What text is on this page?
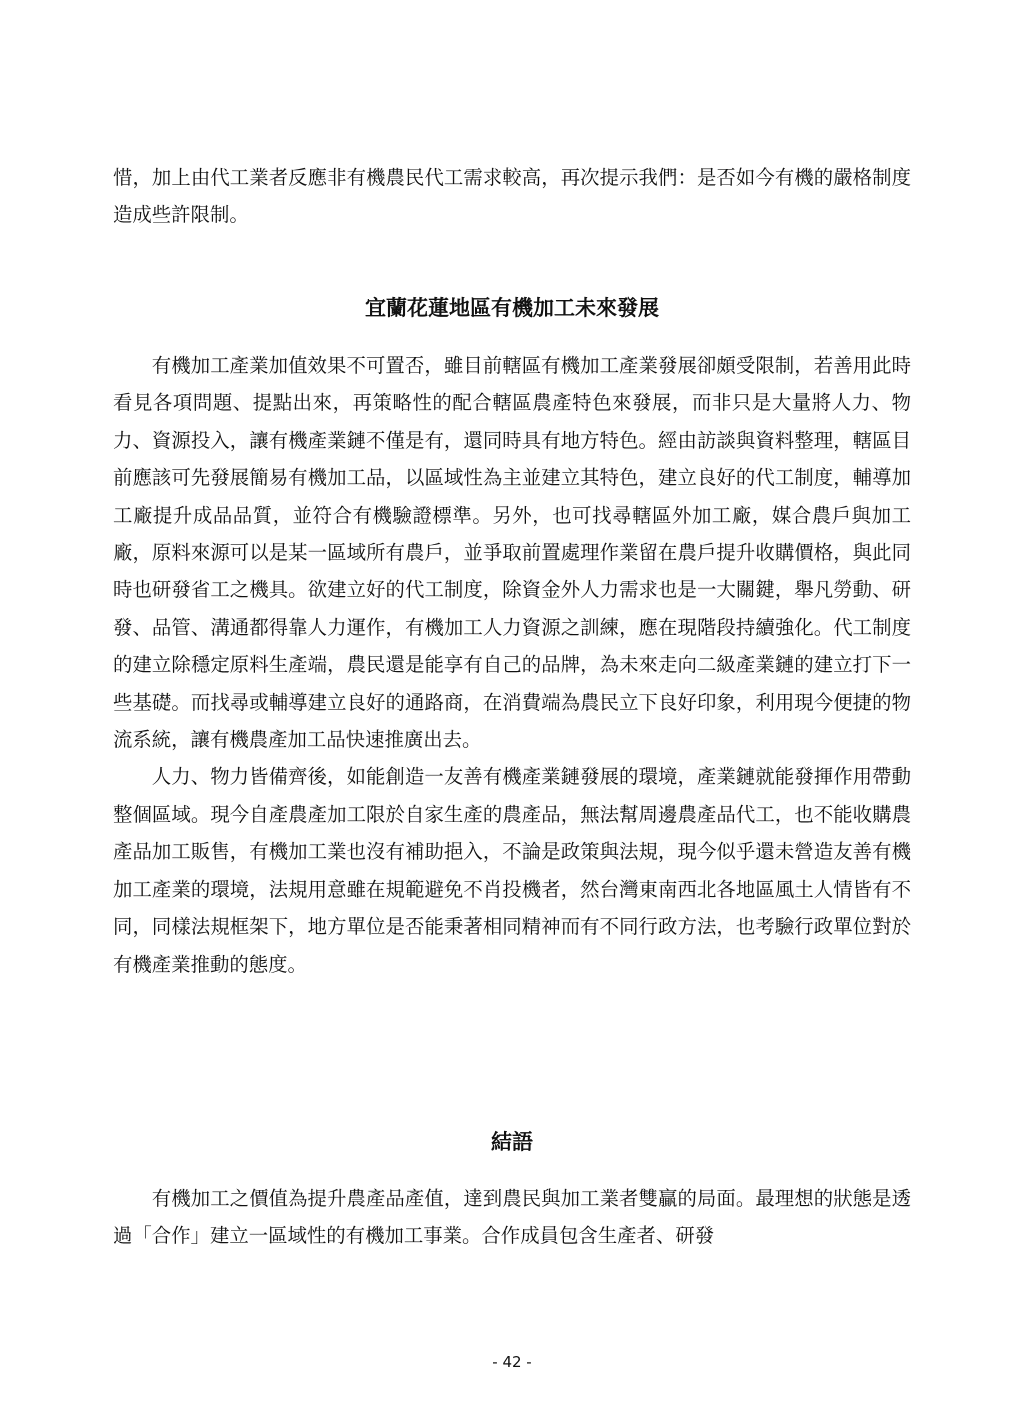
惜，加上由代工業者反應非有機農民代工需求較高，再次提示我們：是否如今有機的嚴格制度造成些許限制。

宜蘭花蓮地區有機加工未來發展

有機加工產業加值效果不可置否，雖目前轄區有機加工產業發展卻頗受限制，若善用此時看見各項問題、提點出來，再策略性的配合轄區農產特色來發展，而非只是大量將人力、物力、資源投入，讓有機產業鏈不僅是有，還同時具有地方特色。經由訪談與資料整理，轄區目前應該可先發展簡易有機加工品，以區域性為主並建立其特色，建立良好的代工制度，輔導加工廠提升成品品質，並符合有機驗證標準。另外，也可找尋轄區外加工廠，媒合農戶與加工廠，原料來源可以是某一區域所有農戶，並爭取前置處理作業留在農戶提升收購價格，與此同時也研發省工之機具。欲建立好的代工制度，除資金外人力需求也是一大關鍵，舉凡勞動、研發、品管、溝通都得靠人力運作，有機加工人力資源之訓練，應在現階段持續強化。代工制度的建立除穩定原料生產端，農民還是能享有自己的品牌，為未來走向二級產業鏈的建立打下一些基礎。而找尋或輔導建立良好的通路商，在消費端為農民立下良好印象，利用現今便捷的物流系統，讓有機農產加工品快速推廣出去。

人力、物力皆備齊後，如能創造一友善有機產業鏈發展的環境，產業鏈就能發揮作用帶動整個區域。現今自產農產加工限於自家生產的農產品，無法幫周邊農產品代工，也不能收購農產品加工販售，有機加工業也沒有補助挹入，不論是政策與法規，現今似乎還未營造友善有機加工產業的環境，法規用意雖在規範避免不肖投機者，然台灣東南西北各地區風土人情皆有不同，同樣法規框架下，地方單位是否能秉著相同精神而有不同行政方法，也考驗行政單位對於有機產業推動的態度。

結語

有機加工之價值為提升農產品產值，達到農民與加工業者雙贏的局面。最理想的狀態是透過「合作」建立一區域性的有機加工事業。合作成員包含生產者、研發

- 42 -
